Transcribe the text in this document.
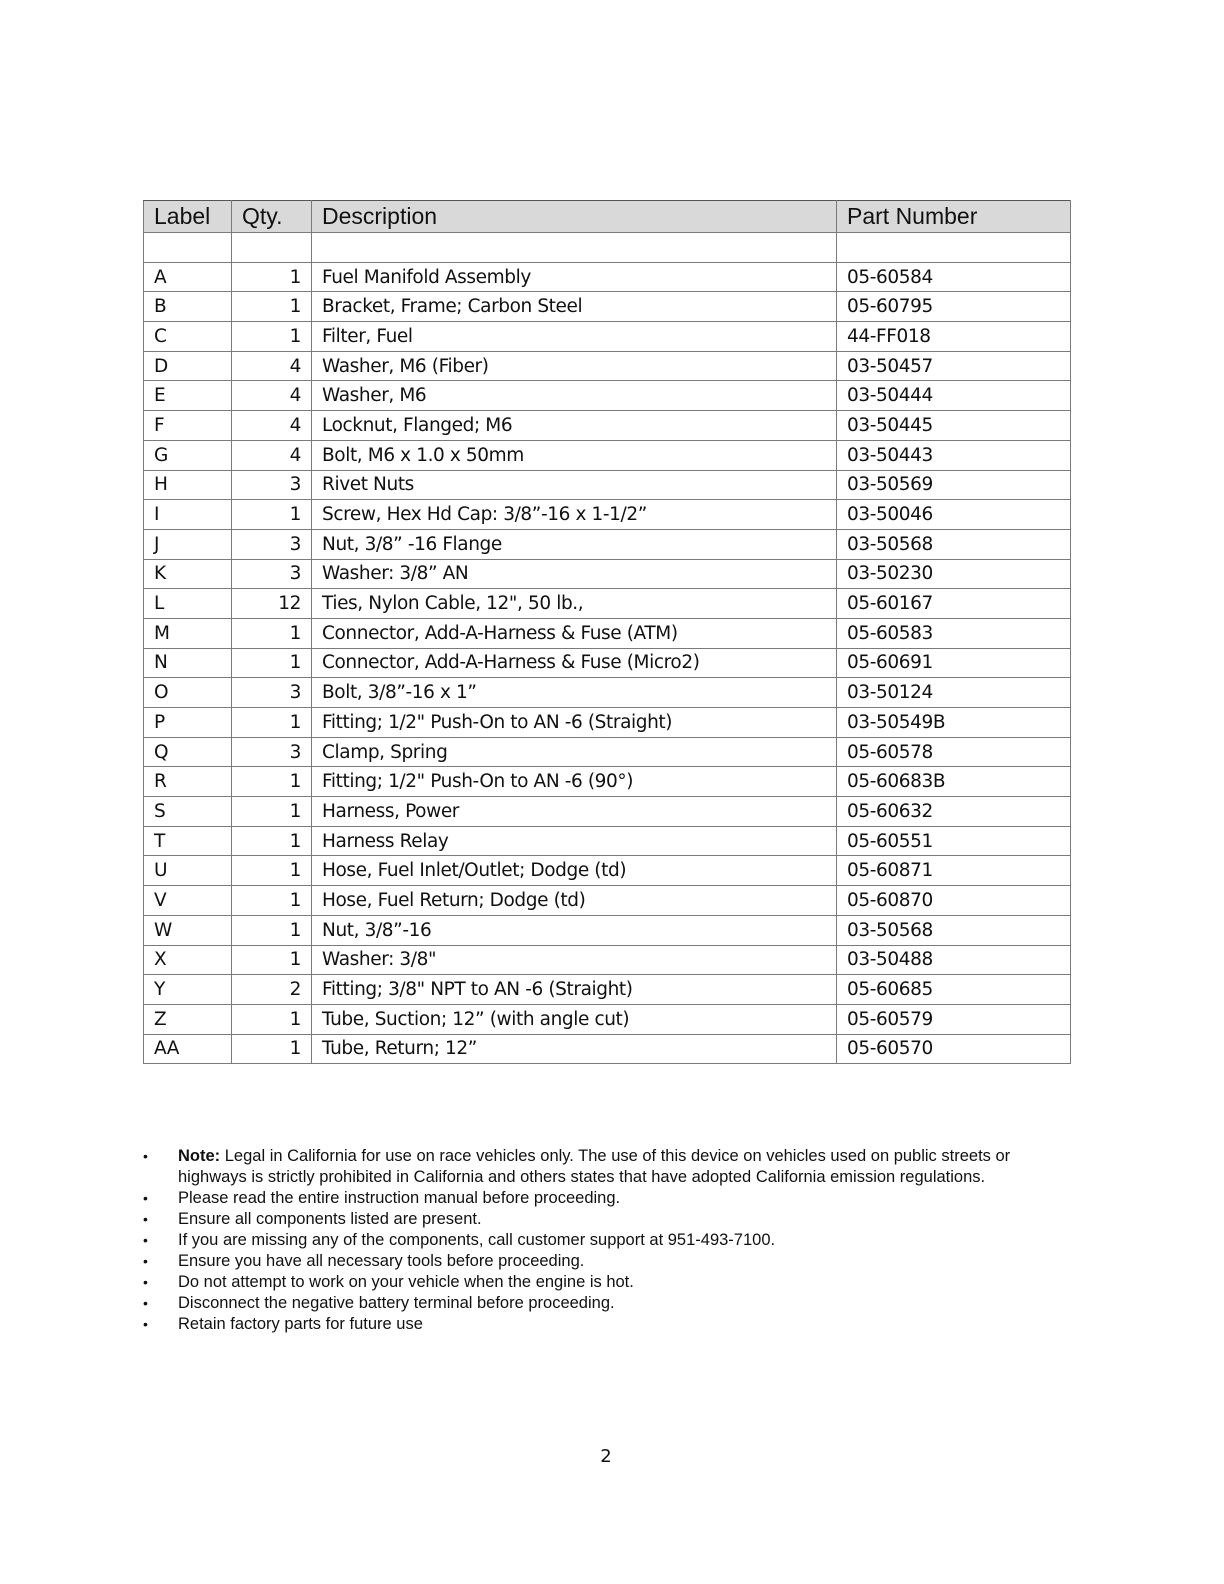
Label	Qty.	Description	Part Number

A	1	Fuel Manifold Assembly	05-60584
B	1	Bracket, Frame; Carbon Steel	05-60795
C	1	Filter, Fuel	44-FF018
D	4	Washer, M6 (Fiber)	03-50457
E	4	Washer, M6	03-50444
F	4	Locknut, Flanged; M6	03-50445
G	4	Bolt, M6 x 1.0 x 50mm	03-50443
H	3	Rivet Nuts	03-50569
I	1	Screw, Hex Hd Cap: 3/8”-16 x 1-1/2”	03-50046
J	3	Nut, 3/8” -16 Flange	03-50568
K	3	Washer: 3/8” AN	03-50230
L	12	Ties, Nylon Cable, 12", 50 lb.,	05-60167
M	1	Connector, Add-A-Harness & Fuse (ATM)	05-60583
N	1	Connector, Add-A-Harness & Fuse (Micro2)	05-60691
O	3	Bolt, 3/8”-16 x 1”	03-50124
P	1	Fitting; 1/2" Push-On to AN -6 (Straight)	03-50549B
Q	3	Clamp, Spring	05-60578
R	1	Fitting; 1/2" Push-On to AN -6 (90°)	05-60683B
S	1	Harness, Power	05-60632
T	1	Harness Relay	05-60551
U	1	Hose, Fuel Inlet/Outlet; Dodge (td)	05-60871
V	1	Hose, Fuel Return; Dodge (td)	05-60870
W	1	Nut, 3/8”-16	03-50568
X	1	Washer: 3/8"	03-50488
Y	2	Fitting; 3/8" NPT to AN -6 (Straight)	05-60685
Z	1	Tube, Suction; 12” (with angle cut)	05-60579
AA	1	Tube, Return; 12”	05-60570
• Note: Legal in California for use on race vehicles only. The use of this device on vehicles used on public streets or highways is strictly prohibited in California and others states that have adopted California emission regulations.
• Please read the entire instruction manual before proceeding.
• Ensure all components listed are present.
• If you are missing any of the components, call customer support at 951-493-7100.
• Ensure you have all necessary tools before proceeding.
• Do not attempt to work on your vehicle when the engine is hot.
• Disconnect the negative battery terminal before proceeding.
• Retain factory parts for future use
2
